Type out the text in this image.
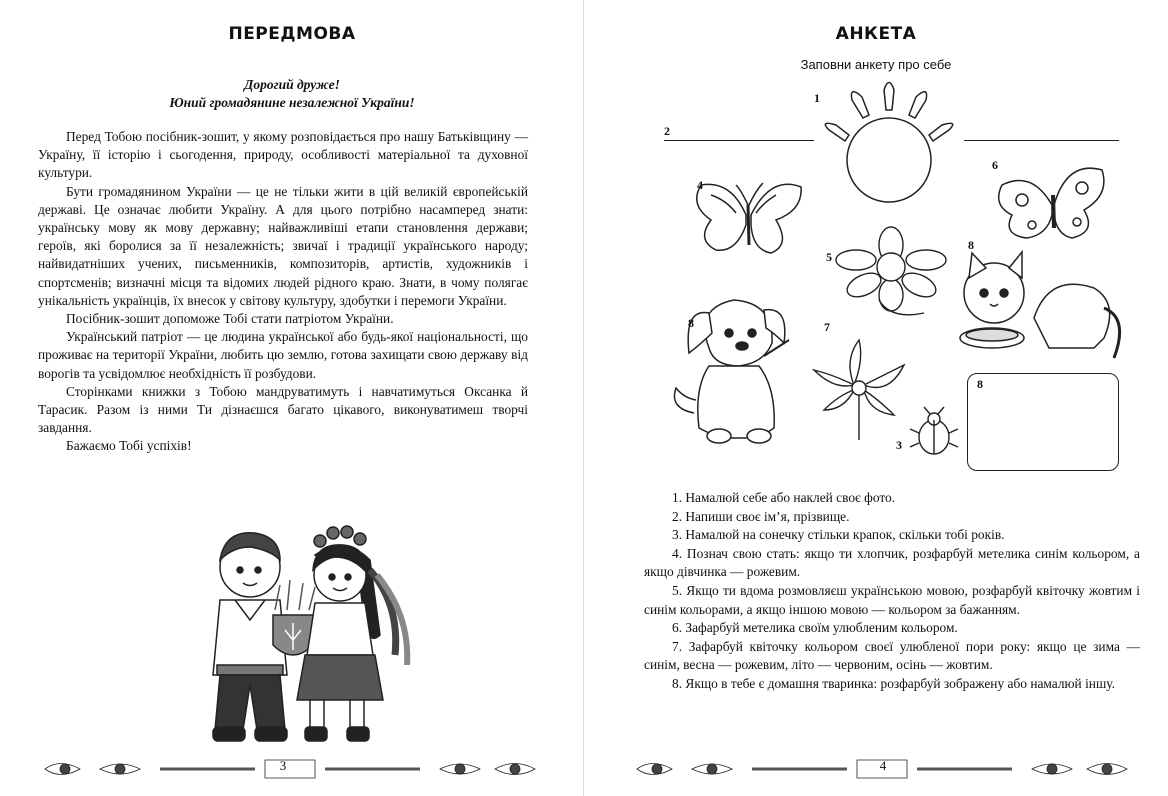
ПЕРЕДМОВА
Дорогий друже!
Юний громадянине незалежної України!

Перед Тобою посібник-зошит, у якому розповідається про нашу Батьківщину — Україну, її історію і сьогодення, природу, особливості матеріальної та духовної культури.

Бути громадянином України — це не тільки жити в цій великій європейській державі. Це означає любити Україну. А для цього потрібно насамперед знати: українську мову як мову державну; найважливіші етапи становлення держави; героїв, які боролися за її незалежність; звичаї і традиції українського народу; найвидатніших учених, письменників, композиторів, артистів, художників і спортсменів; визначні місця та відомих людей рідного краю. Знати, в чому полягає унікальність українців, їх внесок у світову культуру, здобутки і перемоги України.

Посібник-зошит допоможе Тобі стати патріотом України.

Український патріот — це людина української або будь-якої національності, що проживає на території України, любить цю землю, готова захищати свою державу від ворогів та усвідомлює необхідність її розбудови.

Сторінками книжки з Тобою мандруватимуть і навчатимуться Оксанка й Тарасик. Разом із ними Ти дізнаєшся багато цікавого, виконуватимеш творчі завдання.

Бажаємо Тобі успіхів!

3
АНКЕТА
Заповни анкету про себе
2
1
4
6
5
8
8	7
3
8

1. Намалюй себе або наклей своє фото.

2. Напиши своє ім’я, прізвище.

3. Намалюй на сонечку стільки крапок, скільки тобі років.

4. Познач свою стать: якщо ти хлопчик, розфарбуй метелика синім кольором, а якщо дівчинка — рожевим.

5. Якщо ти вдома розмовляєш українською мовою, розфарбуй квіточку жовтим і синім кольорами, а якщо іншою мовою — кольором за бажанням.

6. Зафарбуй метелика своїм улюбленим кольором.

7. Зафарбуй квіточку кольором своєї улюбленої пори року: якщо це зима — синім, весна — рожевим, літо — червоним, осінь — жовтим.

8. Якщо в тебе є домашня тваринка: розфарбуй зображену або намалюй іншу.

4
